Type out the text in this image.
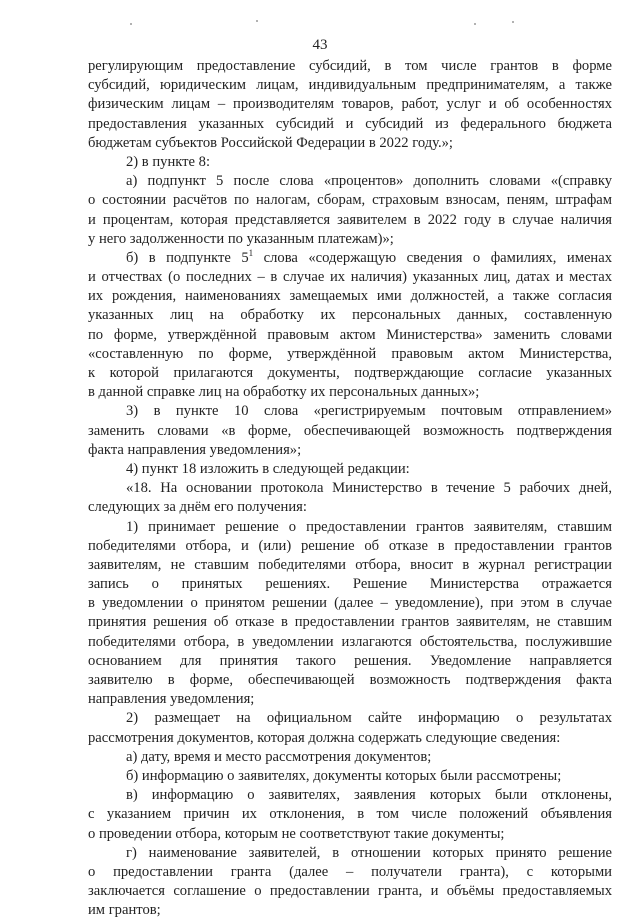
43
регулирующим предоставление субсидий, в том числе грантов в форме
субсидий, юридическим лицам, индивидуальным предпринимателям, а также
физическим лицам – производителям товаров, работ, услуг и об особенностях
предоставления указанных субсидий и субсидий из федерального бюджета
бюджетам субъектов Российской Федерации в 2022 году.»;
2) в пункте 8:
а) подпункт 5 после слова «процентов» дополнить словами «(справку
о состоянии расчётов по налогам, сборам, страховым взносам, пеням, штрафам
и процентам, которая представляется заявителем в 2022 году в случае наличия
у него задолженности по указанным платежам)»;
б) в подпункте $5^1$ слова «содержащую сведения о фамилиях, именах
и отчествах (о последних – в случае их наличия) указанных лиц, датах и местах
их рождения, наименованиях замещаемых ими должностей, а также согласия
указанных лиц на обработку их персональных данных, составленную
по форме, утверждённой правовым актом Министерства» заменить словами
«составленную по форме, утверждённой правовым актом Министерства,
к которой прилагаются документы, подтверждающие согласие указанных
в данной справке лиц на обработку их персональных данных»;
3) в пункте 10 слова «регистрируемым почтовым отправлением»
заменить словами «в форме, обеспечивающей возможность подтверждения
факта направления уведомления»;
4) пункт 18 изложить в следующей редакции:
«18. На основании протокола Министерство в течение 5 рабочих дней,
следующих за днём его получения:
1) принимает решение о предоставлении грантов заявителям, ставшим
победителями отбора, и (или) решение об отказе в предоставлении грантов
заявителям, не ставшим победителями отбора, вносит в журнал регистрации
запись о принятых решениях. Решение Министерства отражается
в уведомлении о принятом решении (далее – уведомление), при этом в случае
принятия решения об отказе в предоставлении грантов заявителям, не ставшим
победителями отбора, в уведомлении излагаются обстоятельства, послужившие
основанием для принятия такого решения. Уведомление направляется
заявителю в форме, обеспечивающей возможность подтверждения факта
направления уведомления;
2) размещает на официальном сайте информацию о результатах
рассмотрения документов, которая должна содержать следующие сведения:
а) дату, время и место рассмотрения документов;
б) информацию о заявителях, документы которых были рассмотрены;
в) информацию о заявителях, заявления которых были отклонены,
с указанием причин их отклонения, в том числе положений объявления
о проведении отбора, которым не соответствуют такие документы;
г) наименование заявителей, в отношении которых принято решение
о предоставлении гранта (далее – получатели гранта), с которыми
заключается соглашение о предоставлении гранта, и объёмы предоставляемых
им грантов;
